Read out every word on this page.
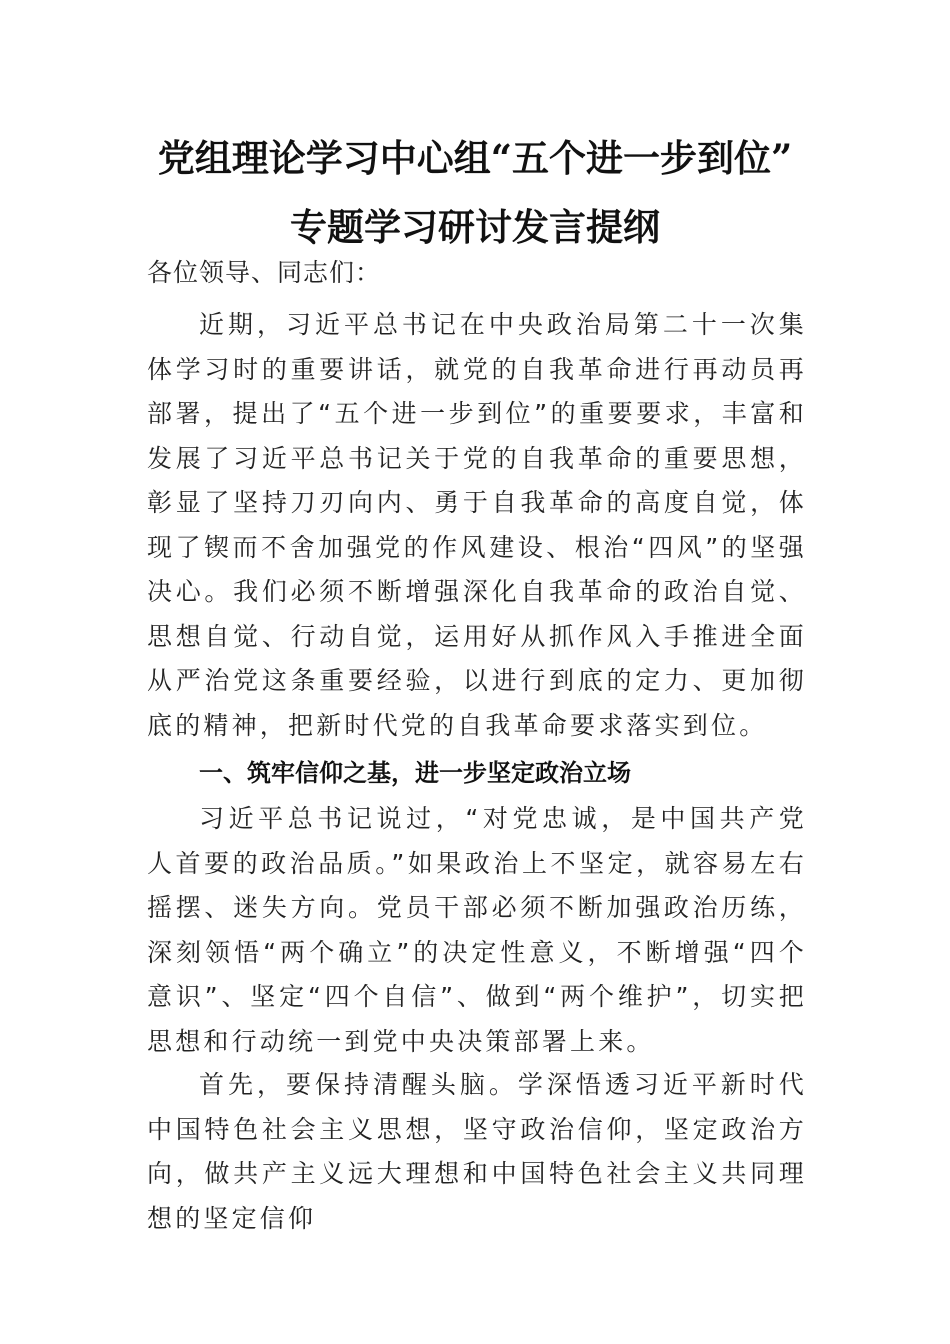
党组理论学习中心组“五个进一步到位”
专题学习研讨发言提纲
各位领导、同志们：

近期，习近平总书记在中央政治局第二十一次集体学习时的重要讲话，就党的自我革命进行再动员再部署，提出了“五个进一步到位”的重要要求，丰富和发展了习近平总书记关于党的自我革命的重要思想，彰显了坚持刀刃向内、勇于自我革命的高度自觉，体现了锲而不舍加强党的作风建设、根治“四风”的坚强决心。我们必须不断增强深化自我革命的政治自觉、思想自觉、行动自觉，运用好从抓作风入手推进全面从严治党这条重要经验，以进行到底的定力、更加彻底的精神，把新时代党的自我革命要求落实到位。

一、筑牢信仰之基，进一步坚定政治立场

习近平总书记说过，“对党忠诚，是中国共产党人首要的政治品质。”如果政治上不坚定，就容易左右摇摆、迷失方向。党员干部必须不断加强政治历练，深刻领悟“两个确立”的决定性意义，不断增强“四个意识”、坚定“四个自信”、做到“两个维护”，切实把思想和行动统一到党中央决策部署上来。

首先，要保持清醒头脑。学深悟透习近平新时代中国特色社会主义思想，坚守政治信仰，坚定政治方向，做共产主义远大理想和中国特色社会主义共同理想的坚定信仰
